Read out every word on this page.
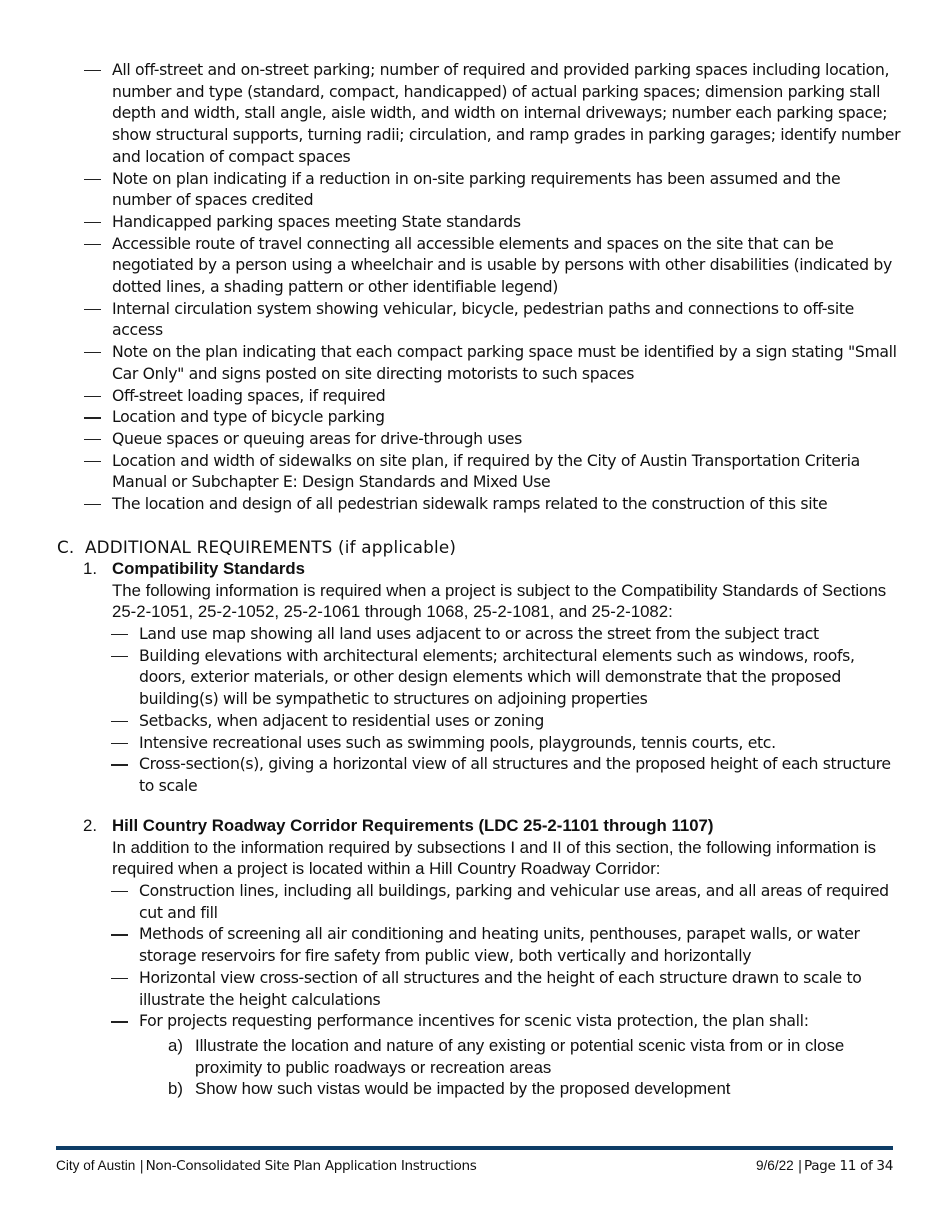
All off-street and on-street parking; number of required and provided parking spaces including location, number and type (standard, compact, handicapped) of actual parking spaces; dimension parking stall depth and width, stall angle, aisle width, and width on internal driveways; number each parking space; show structural supports, turning radii; circulation, and ramp grades in parking garages; identify number and location of compact spaces
Note on plan indicating if a reduction in on-site parking requirements has been assumed and the number of spaces credited
Handicapped parking spaces meeting State standards
Accessible route of travel connecting all accessible elements and spaces on the site that can be negotiated by a person using a wheelchair and is usable by persons with other disabilities (indicated by dotted lines, a shading pattern or other identifiable legend)
Internal circulation system showing vehicular, bicycle, pedestrian paths and connections to off-site access
Note on the plan indicating that each compact parking space must be identified by a sign stating "Small Car Only" and signs posted on site directing motorists to such spaces
Off-street loading spaces, if required
Location and type of bicycle parking
Queue spaces or queuing areas for drive-through uses
Location and width of sidewalks on site plan, if required by the City of Austin Transportation Criteria Manual or Subchapter E: Design Standards and Mixed Use
The location and design of all pedestrian sidewalk ramps related to the construction of this site
C. ADDITIONAL REQUIREMENTS (if applicable)
1. Compatibility Standards
The following information is required when a project is subject to the Compatibility Standards of Sections 25-2-1051, 25-2-1052, 25-2-1061 through 1068, 25-2-1081, and 25-2-1082:
Land use map showing all land uses adjacent to or across the street from the subject tract
Building elevations with architectural elements; architectural elements such as windows, roofs, doors, exterior materials, or other design elements which will demonstrate that the proposed building(s) will be sympathetic to structures on adjoining properties
Setbacks, when adjacent to residential uses or zoning
Intensive recreational uses such as swimming pools, playgrounds, tennis courts, etc.
Cross-section(s), giving a horizontal view of all structures and the proposed height of each structure to scale
2. Hill Country Roadway Corridor Requirements (LDC 25-2-1101 through 1107)
In addition to the information required by subsections I and II of this section, the following information is required when a project is located within a Hill Country Roadway Corridor:
Construction lines, including all buildings, parking and vehicular use areas, and all areas of required cut and fill
Methods of screening all air conditioning and heating units, penthouses, parapet walls, or water storage reservoirs for fire safety from public view, both vertically and horizontally
Horizontal view cross-section of all structures and the height of each structure drawn to scale to illustrate the height calculations
For projects requesting performance incentives for scenic vista protection, the plan shall:
a) Illustrate the location and nature of any existing or potential scenic vista from or in close proximity to public roadways or recreation areas
b) Show how such vistas would be impacted by the proposed development
City of Austin | Non-Consolidated Site Plan Application Instructions	9/6/22 | Page 11 of 34
